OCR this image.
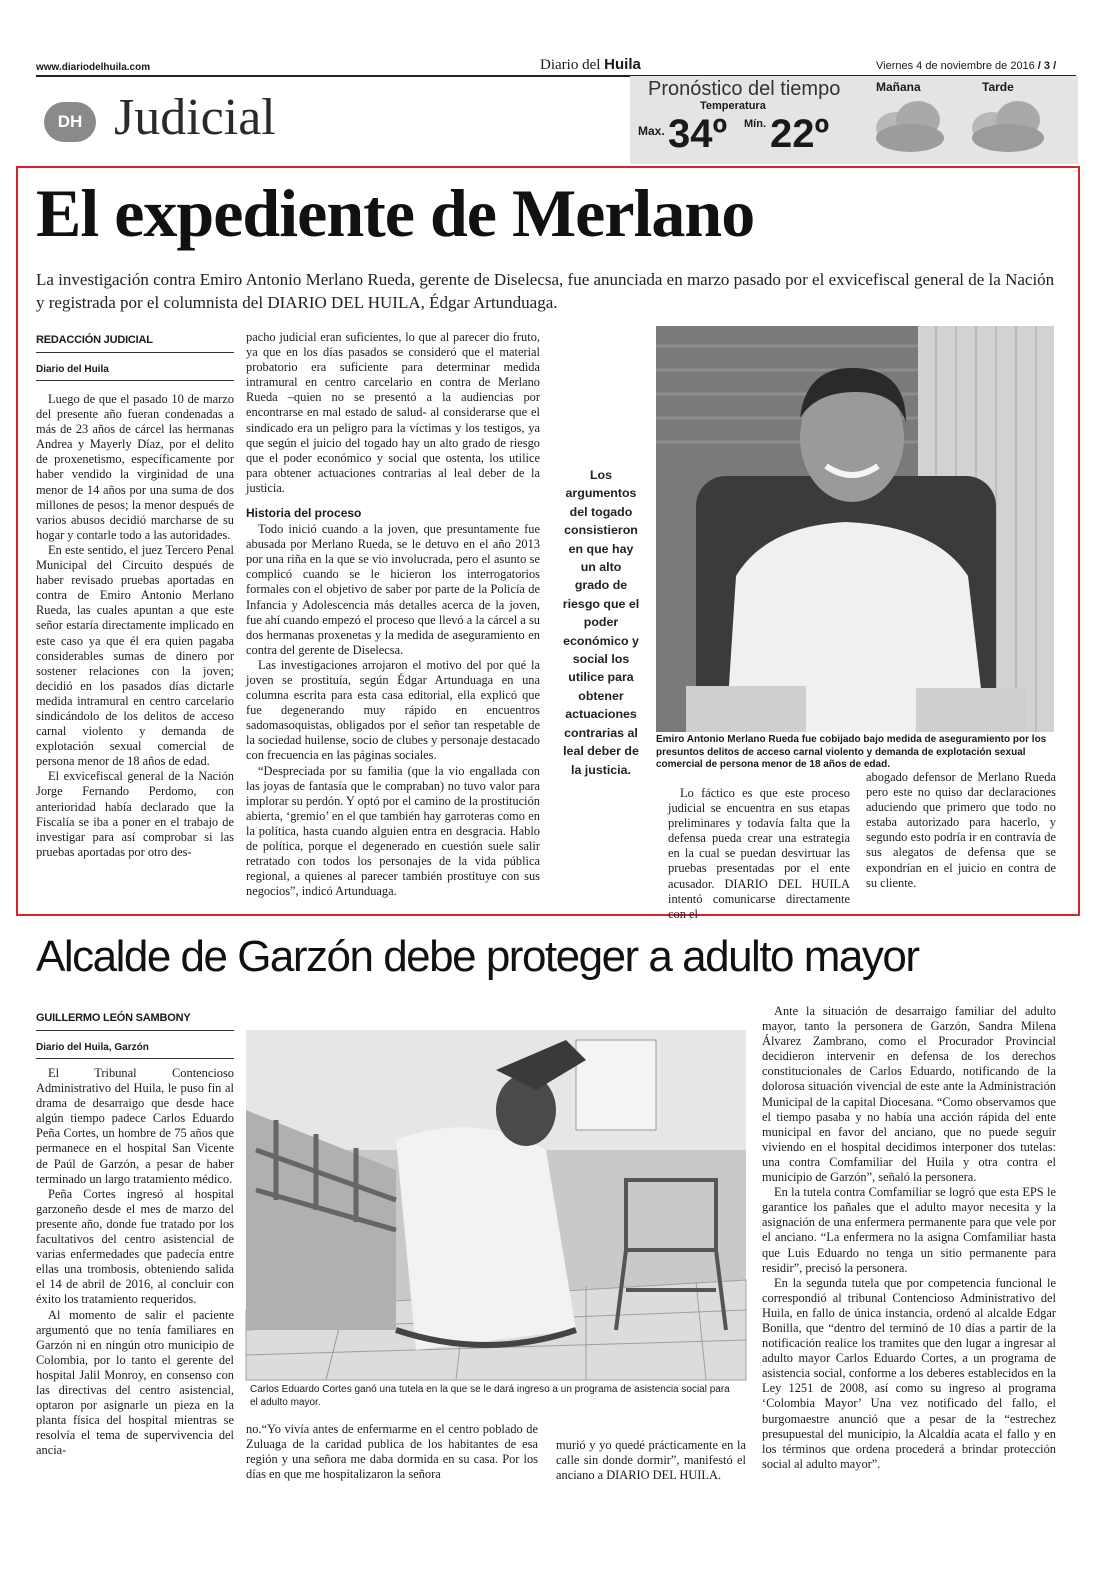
www.diariodelhuila.com	Diario del Huila	Viernes 4 de noviembre de 2016 / 3 /
DH Judicial	Pronóstico del tiempo
Temperatura
Max. 34º Mín. 22º
Mañana	Tarde
El expediente de Merlano
La investigación contra Emiro Antonio Merlano Rueda, gerente de Diselecsa, fue anunciada en marzo pasado por el exvicefiscal general de la Nación y registrada por el columnista del DIARIO DEL HUILA, Édgar Artunduaga.
REDACCIÓN JUDICIAL
Diario del Huila

Luego de que el pasado 10 de marzo del presente año fueran condenadas a más de 23 años de cárcel las hermanas Andrea y Mayerly Díaz, por el delito de proxenetismo, específicamente por haber vendido la virginidad de una menor de 14 años por una suma de dos millones de pesos; la menor después de varios abusos decidió marcharse de su hogar y contarle todo a las autoridades.

En este sentido, el juez Tercero Penal Municipal del Circuito después de haber revisado pruebas aportadas en contra de Emiro Antonio Merlano Rueda, las cuales apuntan a que este señor estaría directamente implicado en este caso ya que él era quien pagaba considerables sumas de dinero por sostener relaciones con la joven; decidió en los pasados días dictarle medida intramural en centro carcelario sindicándolo de los delitos de acceso carnal violento y demanda de explotación sexual comercial de persona menor de 18 años de edad.

El exvicefiscal general de la Nación Jorge Fernando Perdomo, con anterioridad había declarado que la Fiscalía se iba a poner en el trabajo de investigar para así comprobar si las pruebas aportadas por otro des-

pacho judicial eran suficientes, lo que al parecer dio fruto, ya que en los días pasados se consideró que el material probatorio era suficiente para determinar medida intramural en centro carcelario en contra de Merlano Rueda –quien no se presentó a la audiencias por encontrarse en mal estado de salud- al considerarse que el sindicado era un peligro para la víctimas y los testigos, ya que según el juicio del togado hay un alto grado de riesgo que el poder económico y social que ostenta, los utilice para obtener actuaciones contrarias al leal deber de la justicia.

Historia del proceso

Todo inició cuando a la joven, que presuntamente fue abusada por Merlano Rueda, se le detuvo en el año 2013 por una riña en la que se vio involucrada, pero el asunto se complicó cuando se le hicieron los interrogatorios formales con el objetivo de saber por parte de la Policía de Infancia y Adolescencia más detalles acerca de la joven, fue ahí cuando empezó el proceso que llevó a la cárcel a su dos hermanas proxenetas y la medida de aseguramiento en contra del gerente de Diselecsa.

Las investigaciones arrojaron el motivo del por qué la joven se prostituía, según Édgar Artunduaga en una columna escrita para esta casa editorial, ella explicó que fue degenerando muy rápido en encuentros sadomasoquistas, obligados por el señor tan respetable de la sociedad huilense, socio de clubes y personaje destacado con frecuencia en las páginas sociales.

“Despreciada por su familia (que la vio engallada con las joyas de fantasía que le compraban) no tuvo valor para implorar su perdón. Y optó por el camino de la prostitución abierta, ‘gremio’ en el que también hay garroteras como en la política, hasta cuando alguien entra en desgracia. Hablo de política, porque el degenerado en cuestión suele salir retratado con todos los personajes de la vida pública regional, a quienes al parecer también prostituye con sus negocios”, indicó Artunduaga.

Los argumentos del togado consistieron en que hay un alto grado de riesgo que el poder económico y social los utilice para obtener actuaciones contrarias al leal deber de la justicia.
Emiro Antonio Merlano Rueda fue cobijado bajo medida de aseguramiento por los presuntos delitos de acceso carnal violento y demanda de explotación sexual comercial de persona menor de 18 años de edad.

Lo fáctico es que este proceso judicial se encuentra en sus etapas preliminares y todavía falta que la defensa pueda crear una estrategia en la cual se puedan desvirtuar las pruebas presentadas por el ente acusador. DIARIO DEL HUILA intentó comunicarse directamente con el

abogado defensor de Merlano Rueda pero este no quiso dar declaraciones aduciendo que primero que todo no estaba autorizado para hacerlo, y segundo esto podría ir en contravía de sus alegatos de defensa que se expondrían en el juicio en contra de su cliente.

Alcalde de Garzón debe proteger a adulto mayor
GUILLERMO LEÓN SAMBONY
Diario del Huila, Garzón

El Tribunal Contencioso Administrativo del Huila, le puso fin al drama de desarraigo que desde hace algún tiempo padece Carlos Eduardo Peña Cortes, un hombre de 75 años que permanece en el hospital San Vicente de Paúl de Garzón, a pesar de haber terminado un largo tratamiento médico.

Peña Cortes ingresó al hospital garzoneño desde el mes de marzo del presente año, donde fue tratado por los facultativos del centro asistencial de varias enfermedades que padecía entre ellas una trombosis, obteniendo salida el 14 de abril de 2016, al concluir con éxito los tratamiento requeridos.

Al momento de salir el paciente argumentó que no tenía familiares en Garzón ni en ningún otro municipio de Colombia, por lo tanto el gerente del hospital Jalil Monroy, en consenso con las directivas del centro asistencial, optaron por asignarle un pieza en la planta física del hospital mientras se resolvía el tema de supervivencia del ancia-

Carlos Eduardo Cortes ganó una tutela en la que se le dará ingreso a un programa de asistencia social para el adulto mayor.

no.“Yo vivía antes de enfermarme en el centro poblado de Zuluaga de la caridad publica de los habitantes de esa región y una señora me daba dormida en su casa. Por los días en que me hospitalizaron la señora

murió y yo quedé prácticamente en la calle sin donde dormir”, manifestó el anciano a DIARIO DEL HUILA.

Ante la situación de desarraigo familiar del adulto mayor, tanto la personera de Garzón, Sandra Milena Álvarez Zambrano, como el Procurador Provincial decidieron intervenir en defensa de los derechos constitucionales de Carlos Eduardo, notificando de la dolorosa situación vivencial de este ante la Administración Municipal de la capital Diocesana. “Como observamos que el tiempo pasaba y no había una acción rápida del ente municipal en favor del anciano, que no puede seguir viviendo en el hospital decidimos interponer dos tutelas: una contra Comfamiliar del Huila y otra contra el municipio de Garzón”, señaló la personera.

En la tutela contra Comfamiliar se logró que esta EPS le garantice los pañales que el adulto mayor necesita y la asignación de una enfermera permanente para que vele por el anciano. “La enfermera no la asigna Comfamiliar hasta que Luis Eduardo no tenga un sitio permanente para residir”, precisó la personera.

En la segunda tutela que por competencia funcional le correspondió al tribunal Contencioso Administrativo del Huila, en fallo de única instancia, ordenó al alcalde Edgar Bonilla, que “dentro del terminó de 10 días a partir de la notificación realice los tramites que den lugar a ingresar al adulto mayor Carlos Eduardo Cortes, a un programa de asistencia social, conforme a los deberes establecidos en la Ley 1251 de 2008, así como su ingreso al programa ‘Colombia Mayor’ Una vez notificado del fallo, el burgomaestre anunció que a pesar de la “estrechez presupuestal del municipio, la Alcaldía acata el fallo y en los términos que ordena procederá a brindar protección social al adulto mayor”.
